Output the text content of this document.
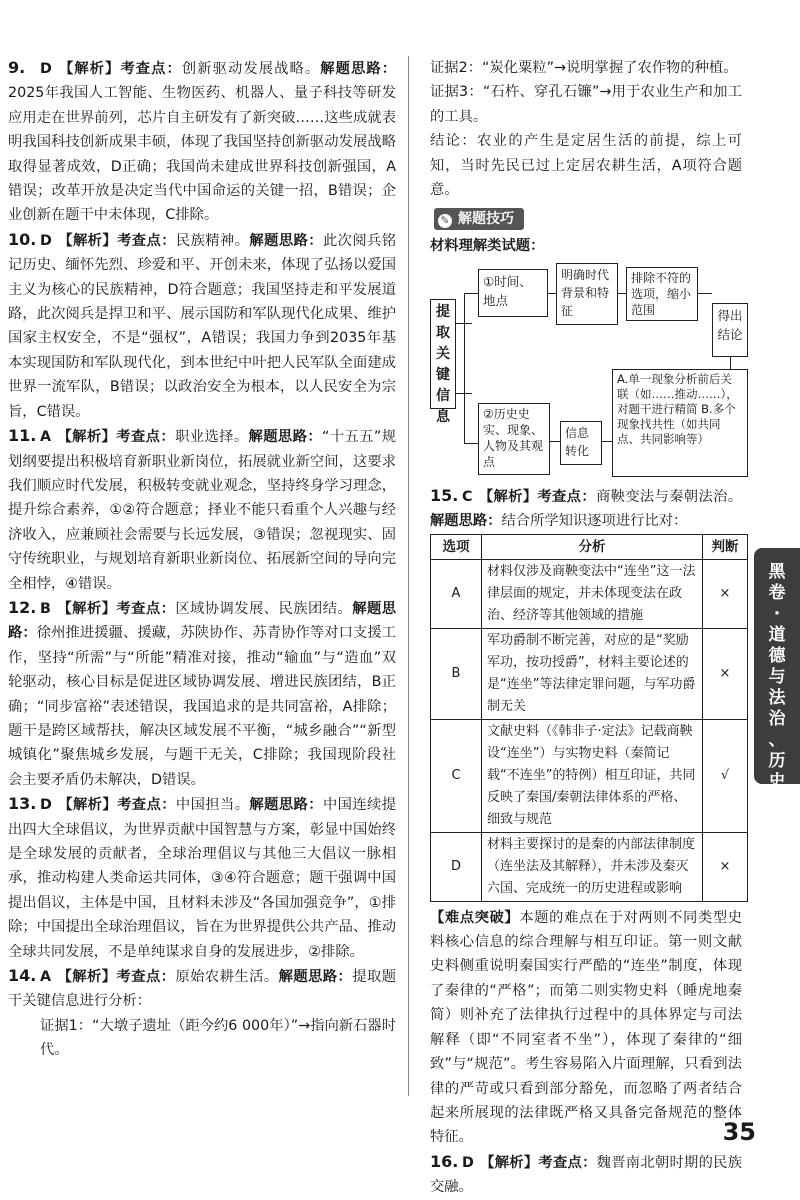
9. D 【解析】考查点：创新驱动发展战略。解题思路：2025年我国人工智能、生物医药、机器人、量子科技等研发应用走在世界前列，芯片自主研发有了新突破……这些成就表明我国科技创新成果丰硕，体现了我国坚持创新驱动发展战略取得显著成效，D正确；我国尚未建成世界科技创新强国，A错误；改革开放是决定当代中国命运的关键一招，B错误；企业创新在题干中未体现，C排除。

10. D 【解析】考查点：民族精神。解题思路：此次阅兵铭记历史、缅怀先烈、珍爱和平、开创未来，体现了弘扬以爱国主义为核心的民族精神，D符合题意；我国坚持走和平发展道路，此次阅兵是捍卫和平、展示国防和军队现代化成果、维护国家主权安全，不是“强权”，A错误；我国力争到2035年基本实现国防和军队现代化，到本世纪中叶把人民军队全面建成世界一流军队，B错误；以政治安全为根本，以人民安全为宗旨，C错误。

11. A 【解析】考查点：职业选择。解题思路：“十五五”规划纲要提出积极培育新职业新岗位，拓展就业新空间，这要求我们顺应时代发展，积极转变就业观念，坚持终身学习理念，提升综合素养，①②符合题意；择业不能只看重个人兴趣与经济收入，应兼顾社会需要与长远发展，③错误；忽视现实、固守传统职业，与规划培育新职业新岗位、拓展新空间的导向完全相悖，④错误。

12. B 【解析】考查点：区域协调发展、民族团结。解题思路：徐州推进援疆、援藏，苏陕协作、苏青协作等对口支援工作，坚持“所需”与“所能”精准对接，推动“输血”与“造血”双轮驱动，核心目标是促进区域协调发展、增进民族团结，B正确；“同步富裕”表述错误，我国追求的是共同富裕，A排除；题干是跨区域帮扶，解决区域发展不平衡，“城乡融合”“新型城镇化”聚焦城乡发展，与题干无关，C排除；我国现阶段社会主要矛盾仍未解决，D错误。

13. D 【解析】考查点：中国担当。解题思路：中国连续提出四大全球倡议，为世界贡献中国智慧与方案，彰显中国始终是全球发展的贡献者，全球治理倡议与其他三大倡议一脉相承，推动构建人类命运共同体，③④符合题意；题干强调中国提出倡议，主体是中国，且材料未涉及“各国加强竞争”，①排除；中国提出全球治理倡议，旨在为世界提供公共产品、推动全球共同发展，不是单纯谋求自身的发展进步，②排除。

14. A 【解析】考查点：原始农耕生活。解题思路：提取题干关键信息进行分析：

证据1：“大墩子遗址（距今约6 000年）”→指向新石器时代。

证据2：“炭化粟粒”→说明掌握了农作物的种植。

证据3：“石杵、穿孔石镰”→用于农业生产和加工的工具。

结论：农业的产生是定居生活的前提，综上可知，当时先民已过上定居农耕生活，A项符合题意。

✎ 解题技巧

材料理解类试题：

提取关键信息
①时间、地点
明确时代背景和特征
排除不符的选项，缩小范围	得出结论
②历史史实、现象、人物及其观点
信息转化
A.单一现象分析前后关联（如……推动……），对题干进行精简 B.多个现象找共性（如共同点、共同影响等）

15. C 【解析】考查点：商鞅变法与秦朝法治。解题思路：结合所学知识逐项进行比对：

选项	分析	判断
A	材料仅涉及商鞅变法中“连坐”这一法律层面的规定，并未体现变法在政治、经济等其他领域的措施	×
B	军功爵制不断完善，对应的是“奖励军功，按功授爵”，材料主要论述的是“连坐”等法律定罪问题，与军功爵制无关	×
C	文献史料（《韩非子·定法》记载商鞅设“连坐”）与实物史料（秦简记载“不连坐”的特例）相互印证，共同反映了秦国/秦朝法律体系的严格、细致与规范	√
D	材料主要探讨的是秦的内部法律制度（连坐法及其解释），并未涉及秦灭六国、完成统一的历史进程或影响	×

【难点突破】本题的难点在于对两则不同类型史料核心信息的综合理解与相互印证。第一则文献史料侧重说明秦国实行严酷的“连坐”制度，体现了秦律的“严格”；而第二则实物史料（睡虎地秦简）则补充了法律执行过程中的具体界定与司法解释（即“不同室者不坐”），体现了秦律的“细致”与“规范”。考生容易陷入片面理解，只看到法律的严苛或只看到部分豁免，而忽略了两者结合起来所展现的法律既严格又具备完备规范的整体特征。

16. D 【解析】考查点：魏晋南北朝时期的民族交融。

黑
卷
·
道
德
与
法
治
、
历
史
35
